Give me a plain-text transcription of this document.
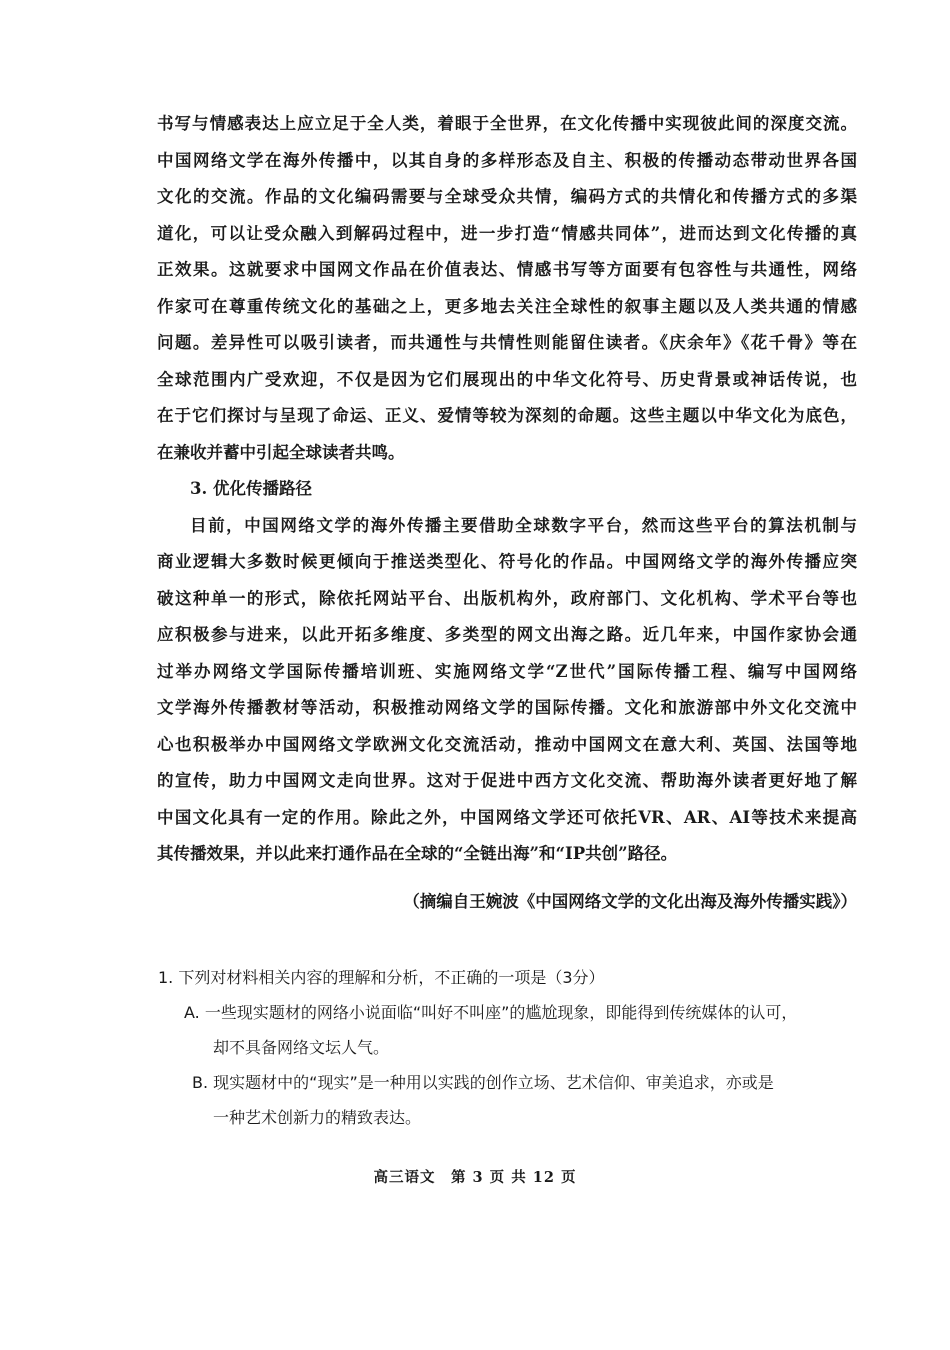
书写与情感表达上应立足于全人类，着眼于全世界，在文化传播中实现彼此间的深度交流。
中国网络文学在海外传播中，以其自身的多样形态及自主、积极的传播动态带动世界各国
文化的交流。作品的文化编码需要与全球受众共情，编码方式的共情化和传播方式的多渠
道化，可以让受众融入到解码过程中，进一步打造“情感共同体”，进而达到文化传播的真
正效果。这就要求中国网文作品在价值表达、情感书写等方面要有包容性与共通性，网络
作家可在尊重传统文化的基础之上，更多地去关注全球性的叙事主题以及人类共通的情感
问题。差异性可以吸引读者，而共通性与共情性则能留住读者。《庆余年》《花千骨》等在
全球范围内广受欢迎，不仅是因为它们展现出的中华文化符号、历史背景或神话传说，也
在于它们探讨与呈现了命运、正义、爱情等较为深刻的命题。这些主题以中华文化为底色，
在兼收并蓄中引起全球读者共鸣。
3. 优化传播路径
目前，中国网络文学的海外传播主要借助全球数字平台，然而这些平台的算法机制与
商业逻辑大多数时候更倾向于推送类型化、符号化的作品。中国网络文学的海外传播应突
破这种单一的形式，除依托网站平台、出版机构外，政府部门、文化机构、学术平台等也
应积极参与进来，以此开拓多维度、多类型的网文出海之路。近几年来，中国作家协会通
过举办网络文学国际传播培训班、实施网络文学“Z世代”国际传播工程、编写中国网络
文学海外传播教材等活动，积极推动网络文学的国际传播。文化和旅游部中外文化交流中
心也积极举办中国网络文学欧洲文化交流活动，推动中国网文在意大利、英国、法国等地
的宣传，助力中国网文走向世界。这对于促进中西方文化交流、帮助海外读者更好地了解
中国文化具有一定的作用。除此之外，中国网络文学还可依托VR、AR、AI等技术来提高
其传播效果，并以此来打通作品在全球的“全链出海”和“IP共创”路径。
（摘编自王婉波《中国网络文学的文化出海及海外传播实践》）
1. 下列对材料相关内容的理解和分析，不正确的一项是（3分）
A. 一些现实题材的网络小说面临“叫好不叫座”的尴尬现象，即能得到传统媒体的认可，
却不具备网络文坛人气。
B. 现实题材中的“现实”是一种用以实践的创作立场、艺术信仰、审美追求，亦或是
一种艺术创新力的精致表达。
高三语文　第 3 页 共 12 页
